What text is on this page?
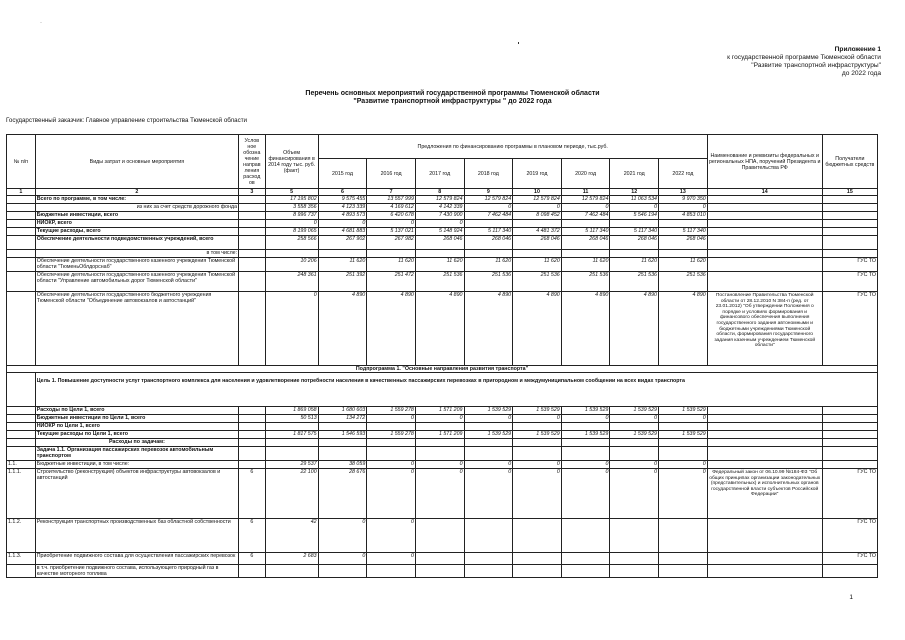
·
Приложение 1
к государственной программе Тюменской области
"Развитие транспортной инфраструктуры"
до 2022 года
Перечень основных мероприятий государственной программы Тюменской области
"Развитие транспортной инфраструктуры " до 2022 года
Государственный заказчик: Главное управление строительства Тюменской области
№ п/п	Виды затрат и основные мероприятия	Услов ное обозна чение направ ления расход ов	Объем финансирования в 2014 году тыс. руб. (факт)	Предложения по финансированию программы в плановом периоде, тыс.руб.								Наименование и реквизиты федеральных и региональных НПА, поручений Президента и Правительства РФ	Получатели бюджетных средств
				2015 год	2016 год	2017 год	2018 год	2019 год	2020 год	2021 год	2022 год		
1	2	3	5	6	7	8	9	10	11	12	13	14	15
	Всего по программе, в том числе:		17 195 802	9 575 455	13 557 999	12 579 824	12 579 824	12 579 824	12 579 824	11 063 534	9 970 350		
	из них за счет средств дорожного фонда		3 558 356	4 123 339	4 169 612	4 142 339	0	0	0	0	0		
	Бюджетные инвестиции, всего		8 996 737	4 893 573	6 420 678	7 430 900	7 462 484	8 098 452	7 462 484	5 546 194	4 853 010		
	НИОКР, всего		0	0	0	0							
	Текущие расходы, всего		8 199 065	4 681 883	5 137 021	5 148 924	5 117 340	4 481 372	5 117 340	5 117 340	5 117 340		
	Обеспечение деятельности подведомственных учреждений, всего		258 566	267 902	267 982	268 046	268 046	268 046	268 046	268 046	268 046		
	в том числе:												
	Обеспечение деятельности государственного казенного учреждения Тюменской области "ТюменьОблдорснаб"		10 206	11 620	11 620	11 620	11 620	11 620	11 620	11 620	11 620		ГУС ТО
	Обеспечение деятельности государственного казенного учреждения Тюменской области "Управление автомобильных дорог Тюменской области"		248 361	251 392	251 472	251 536	251 536	251 536	251 536	251 536	251 536		ГУС ТО
	Обеспечение деятельности государственного бюджетного учреждения Тюменской области "Объединение автовокзалов и автостанций"		0	4 890	4 890	4 890	4 890	4 890	4 890	4 890	4 890	Постановление Правительства Тюменской области от 28.12.2010 N 384-п (ред. от 23.01.2012) "Об утверждении Положения о порядке и условиях формирования и финансового обеспечения выполнения государственного задания автономными и бюджетными учреждениями Тюменской области, формирования государственного задания казенным учреждением Тюменской области"	ГУС ТО
Подпрограмма 1. "Основные направления развития транспорта"													
	Цель 1. Повышение доступности услуг транспортного комплекса для населения и удовлетворение потребности населения в качественных пассажирских перевозках в пригородном и междумуниципальном сообщении на всех видах транспорта												
	Расходы по Цели 1, всего		1 869 058	1 680 603	1 559 278	1 571 209	1 539 529	1 539 529	1 539 529	1 539 529	1 539 529		
	Бюджетные инвестиции по Цели 1, всего		50 513	134 272	0	0	0	0	0	0	0		
	НИОКР по Цели 1, всего												
	Текущие расходы по Цели 1, всего		1 817 575	1 546 593	1 559 278	1 571 209	1 539 529	1 539 529	1 539 529	1 539 529	1 539 529		
	Расходы по задачам:												
	Задача 1.1. Организация пассажирских перевозок автомобильным транспортом												
1.1.	Бюджетные инвестиции, в том числе:		29 537	38 059	0	0	0	0	0	0	0		
1.1.1.	Строительство (реконструкция) объектов инфраструктуры автовокзалов и автостанций	6	22 100	28 676	0	0	0	0	0	0	0	Федеральный закон от 06.10.99 №184-ФЗ "Об общих принципах организации законодательных (представительных) и исполнительных органов государственной власти субъектов Российской Федерации"	ГУС ТО
1.1.2.	Реконструкция транспортных производственных баз областной собственности	6	42	0	0								ГУС ТО
1.1.3.	Приобретение подвижного состава для осуществления пассажирских перевозок	6	2 683	0	0								ГУС ТО
	в т.ч. приобретение подвижного состава, использующего природный газ в качестве моторного топлива												
1
